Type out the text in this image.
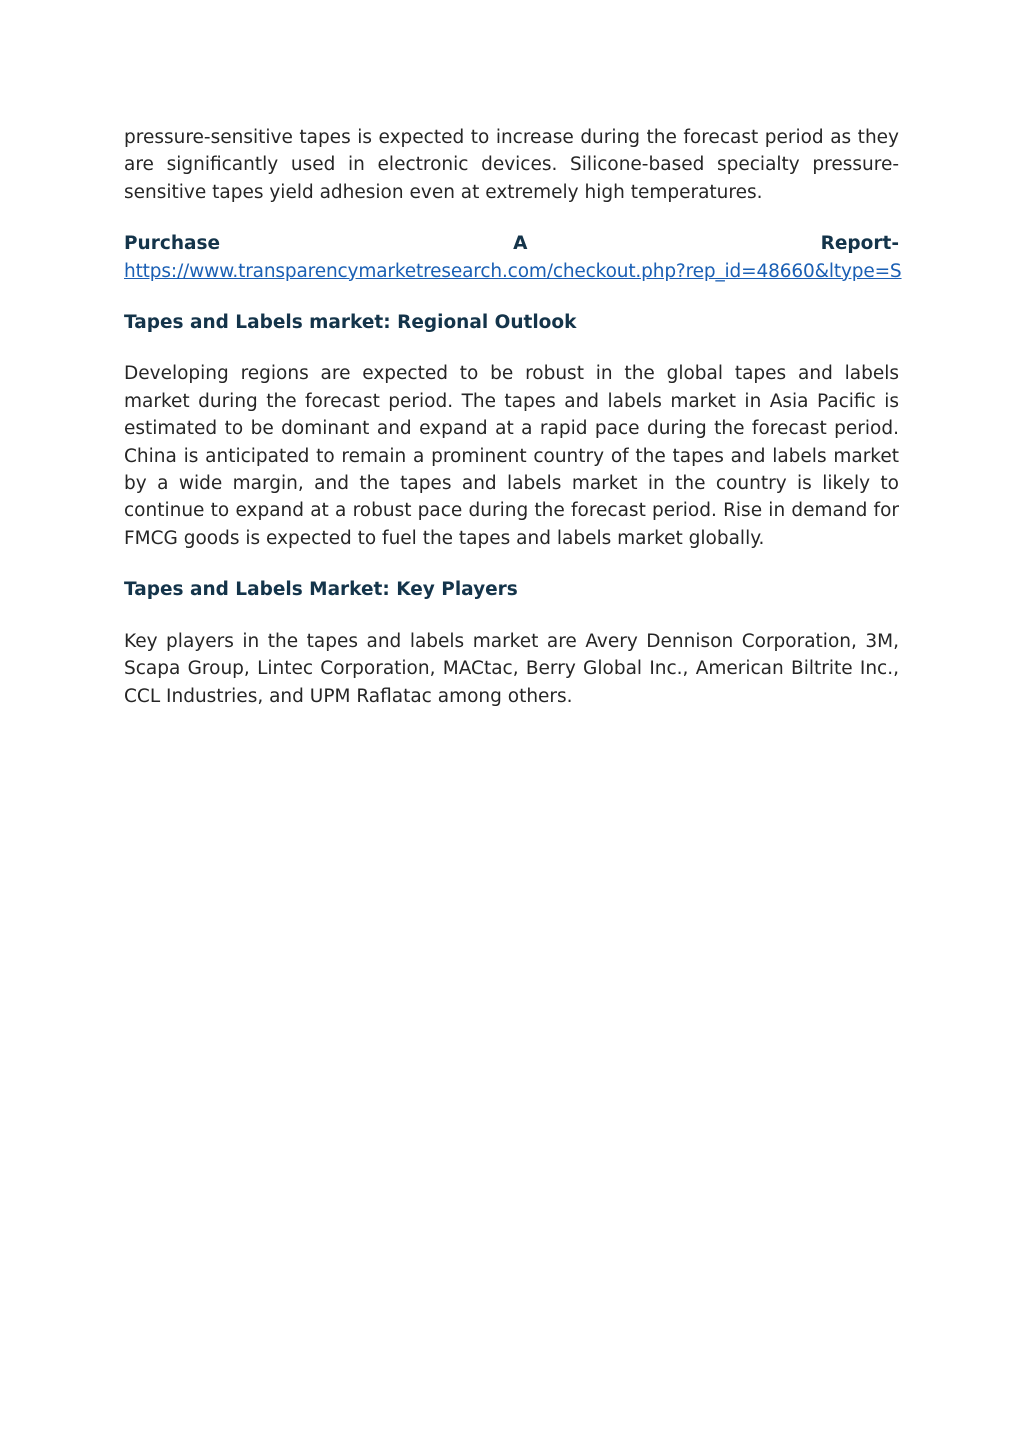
pressure-sensitive tapes is expected to increase during the forecast period as they are significantly used in electronic devices. Silicone-based specialty pressure-sensitive tapes yield adhesion even at extremely high temperatures.

Purchase A Report-

https://www.transparencymarketresearch.com/checkout.php?rep_id=48660&ltype=S
Tapes and Labels market: Regional Outlook

Developing regions are expected to be robust in the global tapes and labels market during the forecast period. The tapes and labels market in Asia Pacific is estimated to be dominant and expand at a rapid pace during the forecast period. China is anticipated to remain a prominent country of the tapes and labels market by a wide margin, and the tapes and labels market in the country is likely to continue to expand at a robust pace during the forecast period. Rise in demand for FMCG goods is expected to fuel the tapes and labels market globally.

Tapes and Labels Market: Key Players

Key players in the tapes and labels market are Avery Dennison Corporation, 3M, Scapa Group, Lintec Corporation, MACtac, Berry Global Inc., American Biltrite Inc., CCL Industries, and UPM Raflatac among others.
